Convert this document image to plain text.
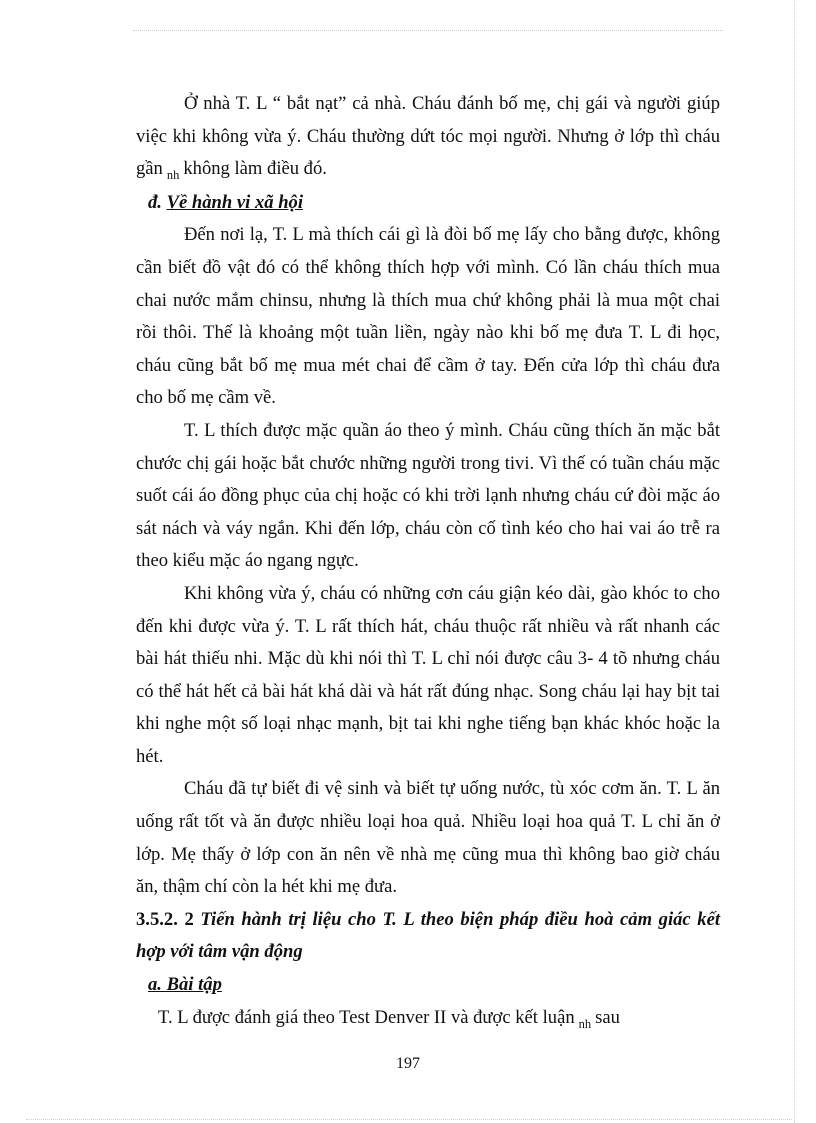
Ở nhà T. L “ bắt nạt” cả nhà. Cháu đánh bố mẹ, chị gái và người giúp việc khi không vừa ý. Cháu thường dứt tóc mọi người. Nhưng ở lớp thì cháu gần $_{nh}$ không làm điều đó.

đ. Về hành vi xã hội

Đến nơi lạ, T. L mà thích cái gì là đòi bố mẹ lấy cho bằng được, không cần biết đồ vật đó có thể không thích hợp với mình. Có lần cháu thích mua chai nước mắm chinsu, nhưng là thích mua chứ không phải là mua một chai rồi thôi. Thế là khoảng một tuần liền, ngày nào khi bố mẹ đưa T. L đi học, cháu cũng bắt bố mẹ mua mét chai để cầm ở tay. Đến cửa lớp thì cháu đưa cho bố mẹ cầm về.

T. L thích được mặc quần áo theo ý mình. Cháu cũng thích ăn mặc bắt chước chị gái hoặc bắt chước những người trong tivi. Vì thế có tuần cháu mặc suốt cái áo đồng phục của chị hoặc có khi trời lạnh nhưng cháu cứ đòi mặc áo sát nách và váy ngắn. Khi đến lớp, cháu còn cố tình kéo cho hai vai áo trễ ra theo kiểu mặc áo ngang ngực.

Khi không vừa ý, cháu có những cơn cáu giận kéo dài, gào khóc to cho đến khi được vừa ý. T. L rất thích hát, cháu thuộc rất nhiều và rất nhanh các bài hát thiếu nhi. Mặc dù khi nói thì T. L chỉ nói được câu 3- 4 tõ nhưng cháu có thể hát hết cả bài hát khá dài và hát rất đúng nhạc. Song cháu lại hay bịt tai khi nghe một số loại nhạc mạnh, bịt tai khi nghe tiếng bạn khác khóc hoặc la hét.

Cháu đã tự biết đi vệ sinh và biết tự uống nước, tù xóc cơm ăn. T. L ăn uống rất tốt và ăn được nhiều loại hoa quả. Nhiều loại hoa quả T. L chỉ ăn ở lớp. Mẹ thấy ở lớp con ăn nên về nhà mẹ cũng mua thì không bao giờ cháu ăn, thậm chí còn la hét khi mẹ đưa.

3.5.2. 2 Tiến hành trị liệu cho T. L theo biện pháp điều hoà cảm giác kết hợp với tâm vận động

a. Bài tập

T. L được đánh giá theo Test Denver II và được kết luận $_{nh}$ sau

197
